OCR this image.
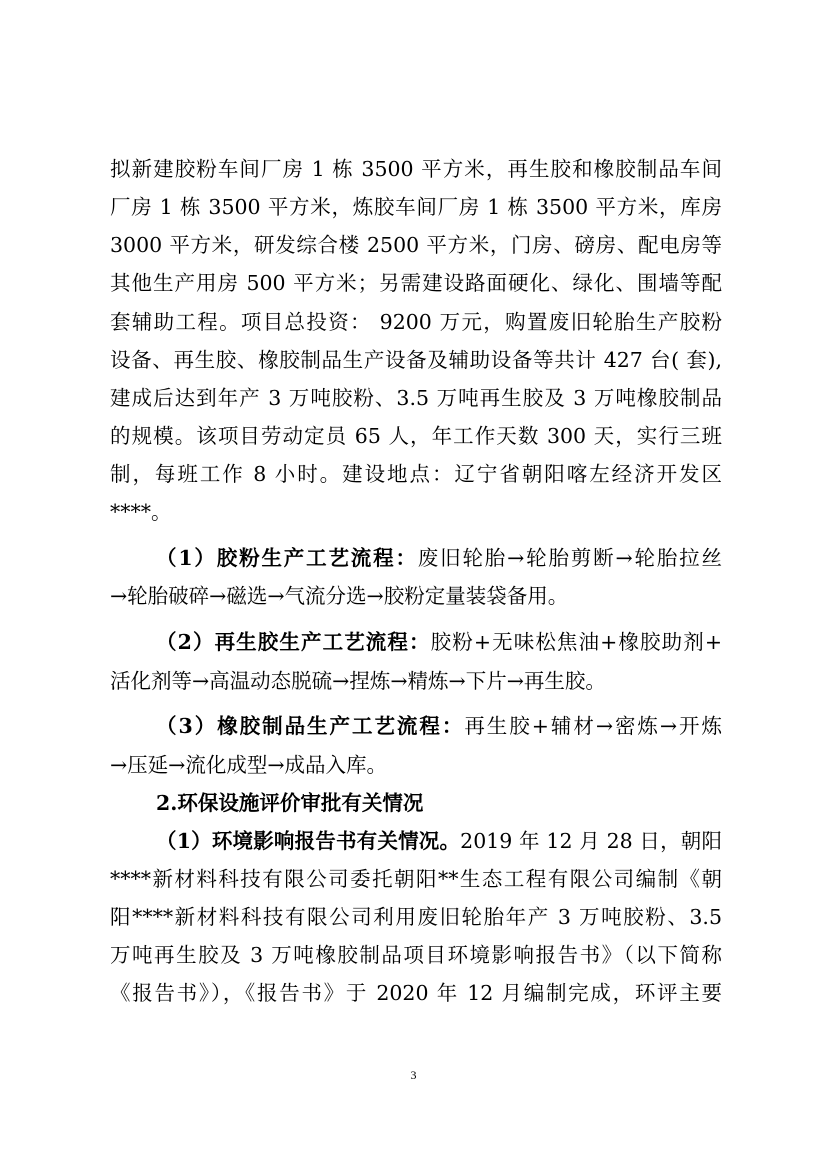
拟新建胶粉车间厂房 1 栋 3500 平方米，再生胶和橡胶制品车间
厂房 1 栋 3500 平方米，炼胶车间厂房 1 栋 3500 平方米，库房
3000 平方米，研发综合楼 2500 平方米，门房、磅房、配电房等
其他生产用房 500 平方米；另需建设路面硬化、绿化、围墙等配
套辅助工程。项目总投资： 9200 万元，购置废旧轮胎生产胶粉
设备、再生胶、橡胶制品生产设备及辅助设备等共计 427 台( 套),
建成后达到年产 3 万吨胶粉、3.5 万吨再生胶及 3 万吨橡胶制品
的规模。该项目劳动定员 65 人，年工作天数 300 天，实行三班
制，每班工作 8 小时。建设地点：辽宁省朝阳喀左经济开发区
****。
（1）胶粉生产工艺流程：废旧轮胎→轮胎剪断→轮胎拉丝
→轮胎破碎→磁选→气流分选→胶粉定量装袋备用。
（2）再生胶生产工艺流程：胶粉+无味松焦油+橡胶助剂+
活化剂等→高温动态脱硫→捏炼→精炼→下片→再生胶。
（3）橡胶制品生产工艺流程：再生胶+辅材→密炼→开炼
→压延→流化成型→成品入库。
2.环保设施评价审批有关情况
（1）环境影响报告书有关情况。2019 年 12 月 28 日，朝阳
****新材料科技有限公司委托朝阳**生态工程有限公司编制《朝
阳****新材料科技有限公司利用废旧轮胎年产 3 万吨胶粉、3.5
万吨再生胶及 3 万吨橡胶制品项目环境影响报告书》（以下简称
《报告书》），《报告书》于 2020 年 12 月编制完成，环评主要
3
